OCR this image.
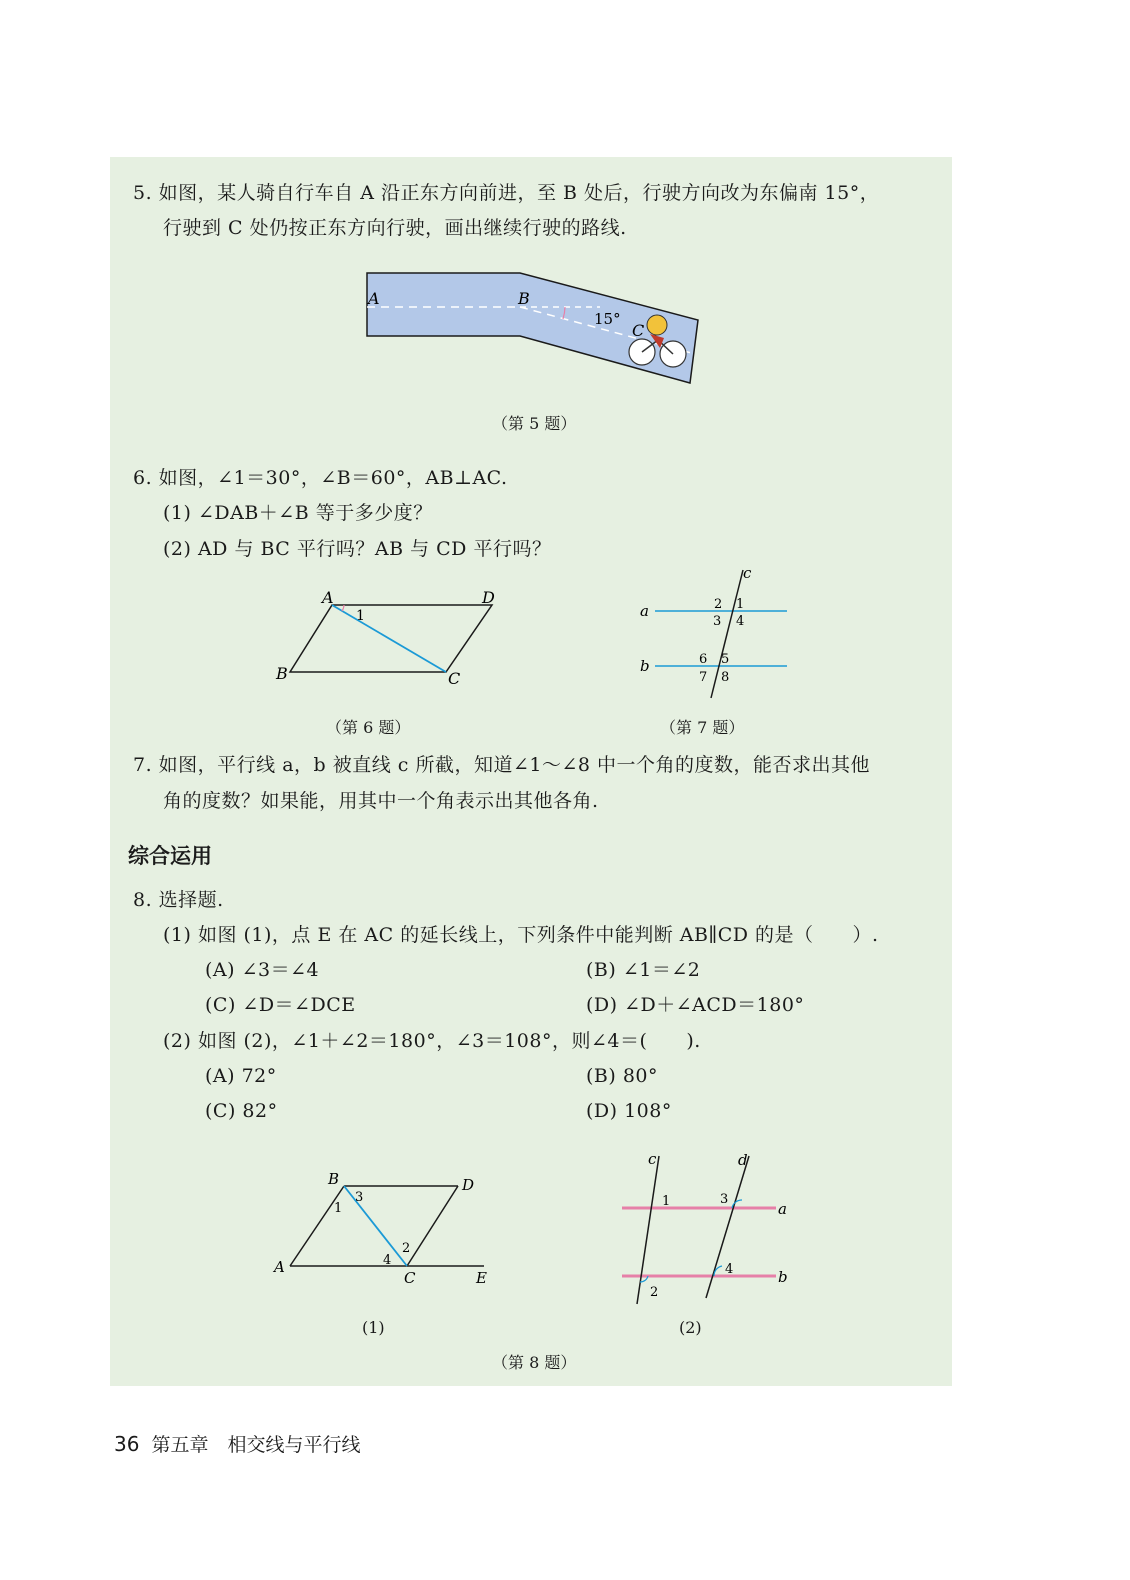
5. 如图，某人骑自行车自 A 沿正东方向前进，至 B 处后，行驶方向改为东偏南 15°，
行驶到 C 处仍按正东方向行驶，画出继续行驶的路线.
A	B
15°
C
（第 5 题）
6. 如图，∠1＝30°，∠B＝60°，AB⊥AC.
(1) ∠DAB＋∠B 等于多少度？
(2) AD 与 BC 平行吗？AB 与 CD 平行吗？
A	D
B	C
1
（第 6 题）
c
a
b
2 1
3 4
6 5
7 8
（第 7 题）
7. 如图，平行线 a，b 被直线 c 所截，知道∠1～∠8 中一个角的度数，能否求出其他
角的度数？如果能，用其中一个角表示出其他各角.
综合运用
8. 选择题.
(1) 如图 (1)，点 E 在 AC 的延长线上，下列条件中能判断 AB∥CD 的是（　　）.
(A) ∠3＝∠4	(B) ∠1＝∠2
(C) ∠D＝∠DCE	(D) ∠D＋∠ACD＝180°
(2) 如图 (2)，∠1＋∠2＝180°，∠3＝108°，则∠4＝(　　).
(A) 72°	(B) 80°
(C) 82°	(D) 108°
B	D
A
C	E
1
3
2
4
(1)
c	d
a
b
1	3
2
4
(2)
（第 8 题）
36 第五章　相交线与平行线
